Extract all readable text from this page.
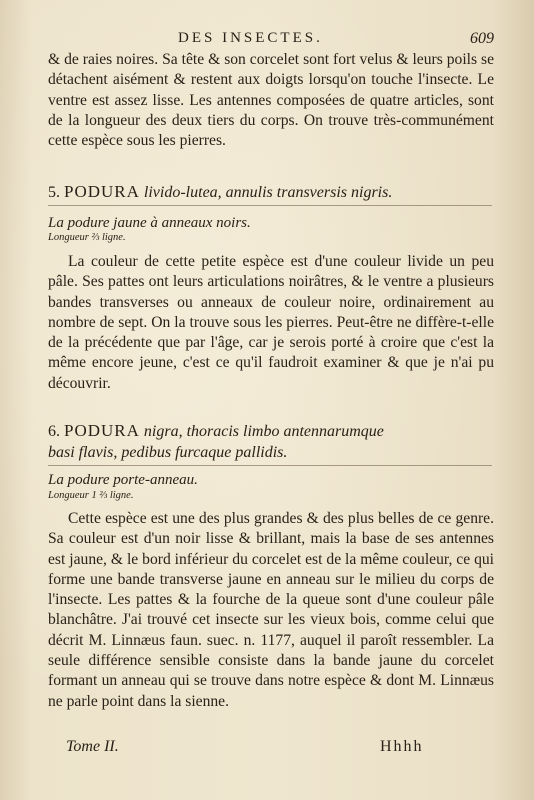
DES INSECTES.	609

& de raies noires. Sa tête & son corcelet sont fort velus & leurs poils se détachent aisément & restent aux doigts lorsqu'on touche l'insecte. Le ventre est assez lisse. Les antennes composées de quatre articles, sont de la longueur des deux tiers du corps. On trouve très-communément cette espèce sous les pierres.

5. PODURA livido-lutea, annulis transversis nigris.
La podure jaune à anneaux noirs.
Longueur ⅔ ligne.

La couleur de cette petite espèce est d'une couleur livide un peu pâle. Ses pattes ont leurs articulations noirâtres, & le ventre a plusieurs bandes transverses ou anneaux de couleur noire, ordinairement au nombre de sept. On la trouve sous les pierres. Peut-être ne diffère-t-elle de la précédente que par l'âge, car je serois porté à croire que c'est la même encore jeune, c'est ce qu'il faudroit examiner & que je n'ai pu découvrir.

6. PODURA nigra, thoracis limbo antennarumque
basi flavis, pedibus furcaque pallidis.
La podure porte-anneau.
Longueur 1 ⅔ ligne.

Cette espèce est une des plus grandes & des plus belles de ce genre. Sa couleur est d'un noir lisse & brillant, mais la base de ses antennes est jaune, & le bord inférieur du corcelet est de la même couleur, ce qui forme une bande transverse jaune en anneau sur le milieu du corps de l'insecte. Les pattes & la fourche de la queue sont d'une couleur pâle blanchâtre. J'ai trouvé cet insecte sur les vieux bois, comme celui que décrit M. Linnæus faun. suec. n. 1177, auquel il paroît ressembler. La seule différence sensible consiste dans la bande jaune du corcelet formant un anneau qui se trouve dans notre espèce & dont M. Linnæus ne parle point dans la sienne.

Tome II.	Hhhh
